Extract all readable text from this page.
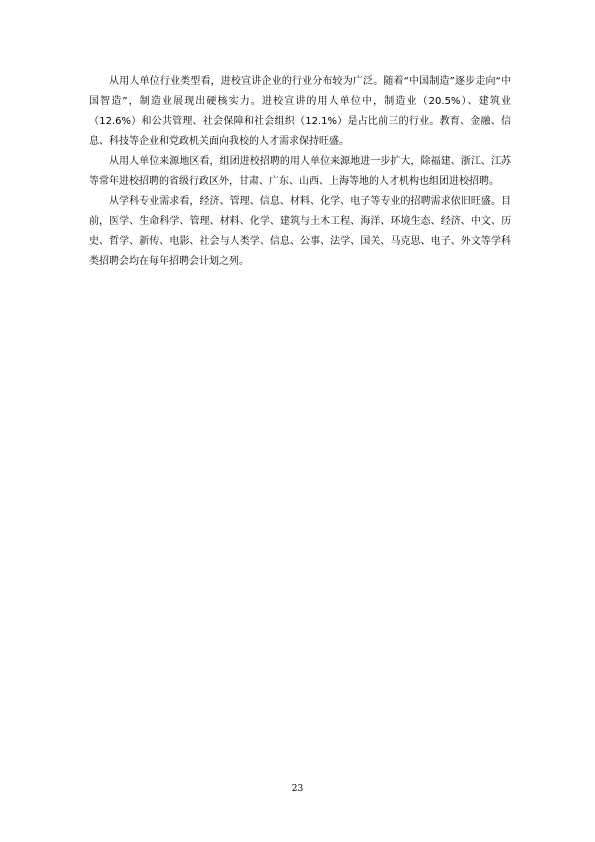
从用人单位行业类型看，进校宣讲企业的行业分布较为广泛。随着“中国制造”逐步走向“中国智造”，制造业展现出硬核实力。进校宣讲的用人单位中，制造业（20.5%）、建筑业（12.6%）和公共管理、社会保障和社会组织（12.1%）是占比前三的行业。教育、金融、信息、科技等企业和党政机关面向我校的人才需求保持旺盛。

从用人单位来源地区看，组团进校招聘的用人单位来源地进一步扩大，除福建、浙江、江苏等常年进校招聘的省级行政区外，甘肃、广东、山西、上海等地的人才机构也组团进校招聘。

从学科专业需求看，经济、管理、信息、材料、化学、电子等专业的招聘需求依旧旺盛。目前，医学、生命科学、管理、材料、化学、建筑与土木工程、海洋、环境生态、经济、中文、历史、哲学、新传、电影、社会与人类学、信息、公事、法学、国关、马克思、电子、外文等学科类招聘会均在每年招聘会计划之列。

23
